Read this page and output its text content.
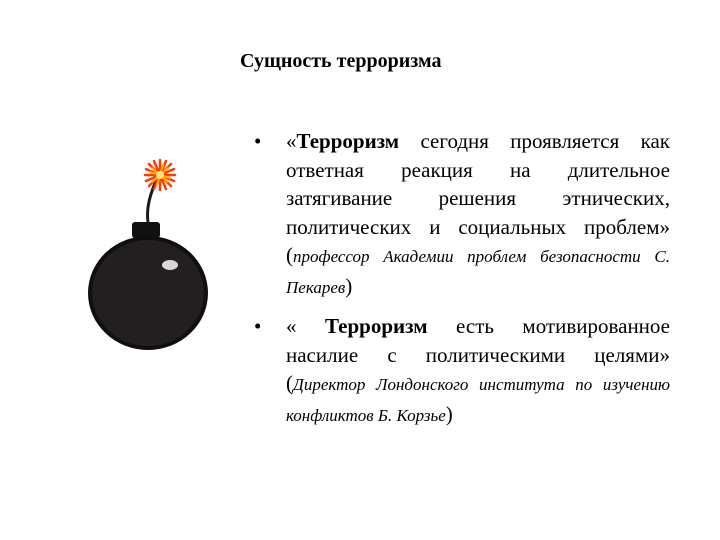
Сущность терроризма
• «Терроризм сегодня проявляется как ответная реакция на длительное затягивание решения этнических, политических и социальных проблем» (профессор Академии проблем безопасности С. Пекарев)
• « Терроризм есть мотивированное насилие с политическими целями» (Директор Лондонского института по изучению конфликтов Б. Корзье)
